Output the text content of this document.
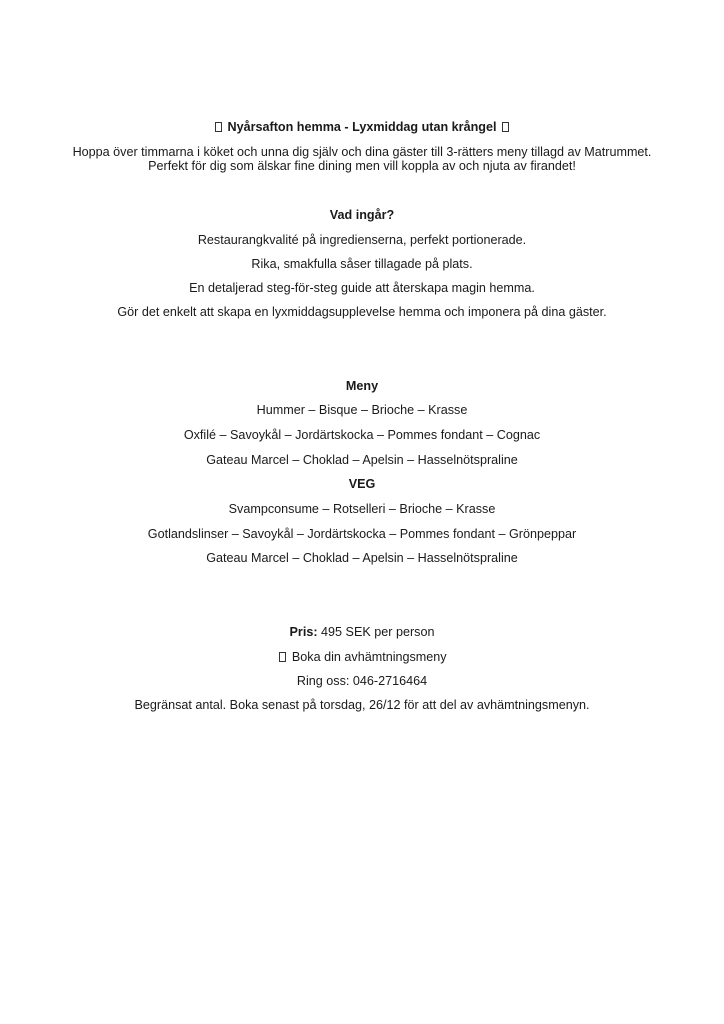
Nyårsafton hemma - Lyxmiddag utan krångel
Hoppa över timmarna i köket och unna dig själv och dina gäster till 3-rätters meny tillagd av Matrummet.
Perfekt för dig som älskar fine dining men vill koppla av och njuta av firandet!
Vad ingår?
Restaurangkvalité på ingredienserna, perfekt portionerade.
Rika, smakfulla såser tillagade på plats.
En detaljerad steg-för-steg guide att återskapa magin hemma.
Gör det enkelt att skapa en lyxmiddagsupplevelse hemma och imponera på dina gäster.
Meny
Hummer – Bisque – Brioche – Krasse
Oxfilé – Savoykål – Jordärtskocka – Pommes fondant – Cognac
Gateau Marcel – Choklad – Apelsin – Hasselnötspraline
VEG
Svampconsume – Rotselleri – Brioche – Krasse
Gotlandslinser – Savoykål – Jordärtskocka – Pommes fondant – Grönpeppar
Gateau Marcel – Choklad – Apelsin – Hasselnötspraline
Pris: 495 SEK per person
Boka din avhämtningsmeny
Ring oss: 046-2716464
Begränsat antal. Boka senast på torsdag, 26/12 för att del av avhämtningsmenyn.
